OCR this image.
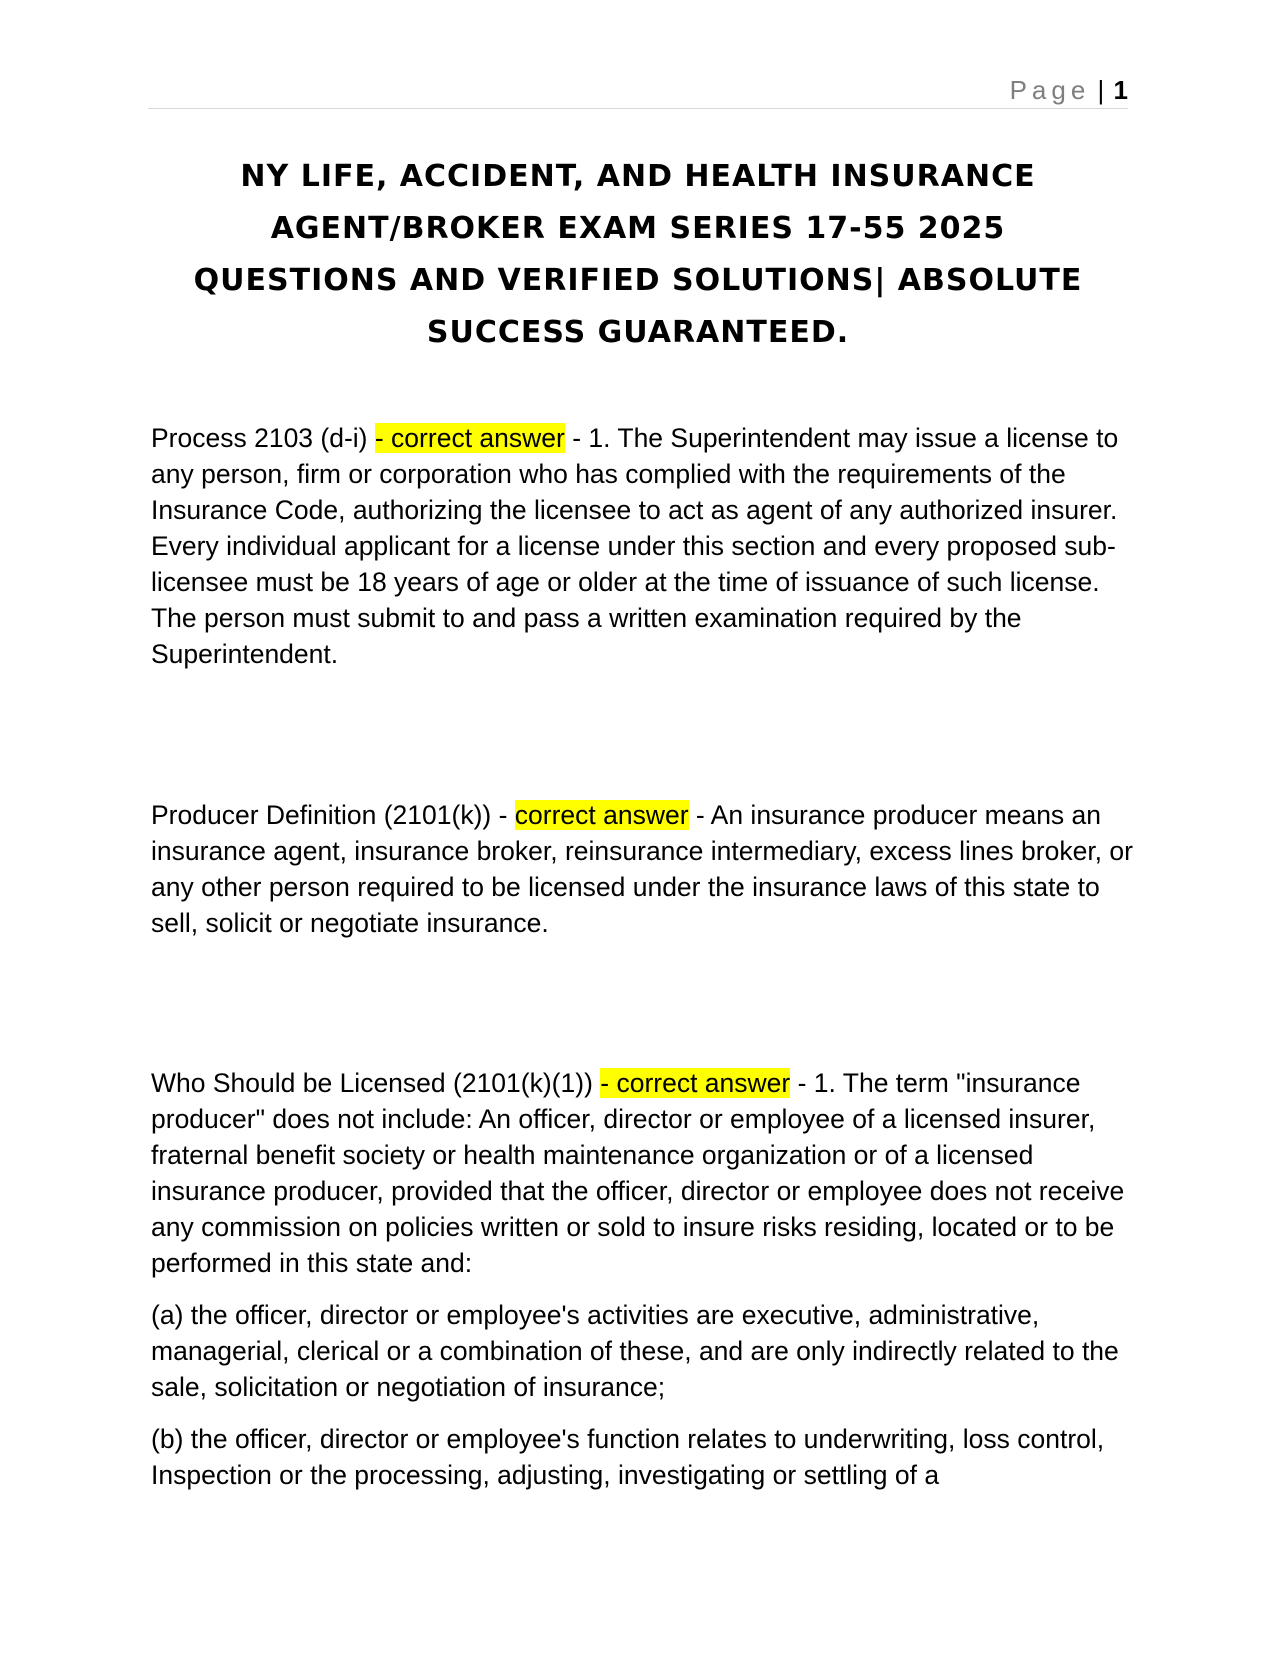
Page | 1
NY LIFE, ACCIDENT, AND HEALTH INSURANCE
AGENT/BROKER EXAM SERIES 17-55 2025
QUESTIONS AND VERIFIED SOLUTIONS| ABSOLUTE
SUCCESS GUARANTEED.

Process 2103 (d-i) - correct answer - 1. The Superintendent may issue a license to any person, firm or corporation who has complied with the requirements of the Insurance Code, authorizing the licensee to act as agent of any authorized insurer. Every individual applicant for a license under this section and every proposed sub-licensee must be 18 years of age or older at the time of issuance of such license. The person must submit to and pass a written examination required by the Superintendent.

Producer Definition (2101(k)) - correct answer - An insurance producer means an insurance agent, insurance broker, reinsurance intermediary, excess lines broker, or any other person required to be licensed under the insurance laws of this state to sell, solicit or negotiate insurance.

Who Should be Licensed (2101(k)(1)) - correct answer - 1. The term "insurance producer" does not include: An officer, director or employee of a licensed insurer, fraternal benefit society or health maintenance organization or of a licensed insurance producer, provided that the officer, director or employee does not receive any commission on policies written or sold to insure risks residing, located or to be performed in this state and:

(a) the officer, director or employee's activities are executive, administrative, managerial, clerical or a combination of these, and are only indirectly related to the sale, solicitation or negotiation of insurance;

(b) the officer, director or employee's function relates to underwriting, loss control, Inspection or the processing, adjusting, investigating or settling of a
